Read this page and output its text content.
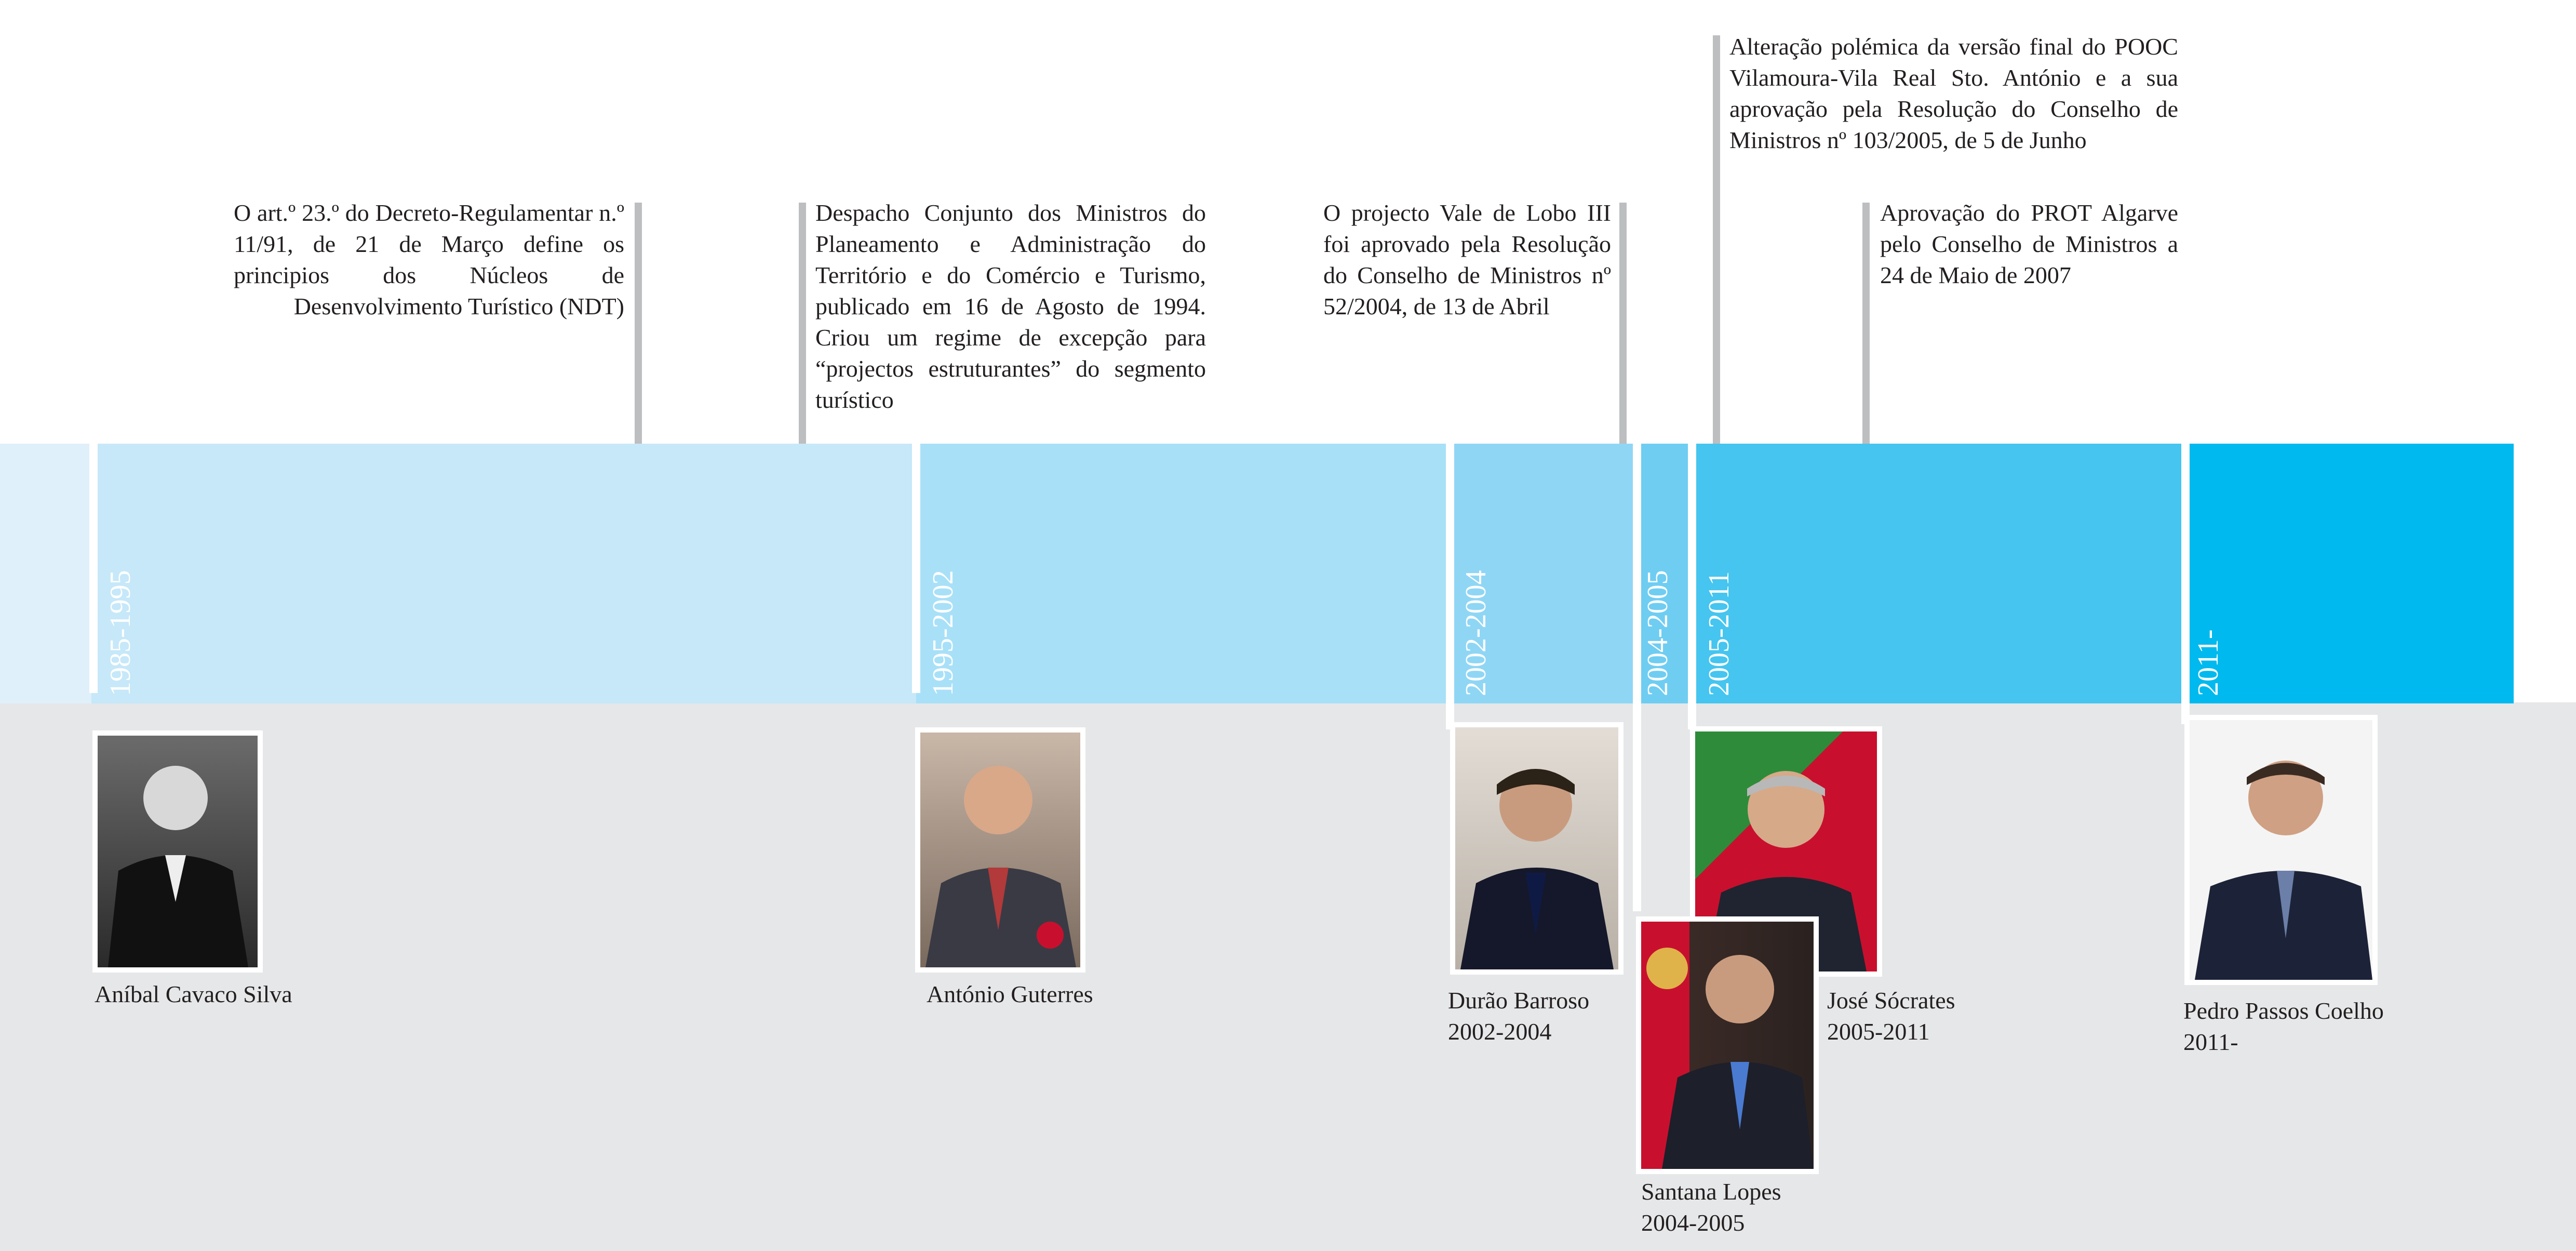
1985-1995	1995-2002	2002-2004	2004-2005 2005-2011	2011-
O art.º 23.º do Decreto-Regulamentar n.º 11/91, de 21 de Março define os principios dos Núcleos de Desenvolvimento Turístico (NDT)
Despacho Conjunto dos Ministros do Planeamento e Administração do Território e do Comércio e Turismo, publicado em 16 de Agosto de 1994. Criou um regime de excepção para “projectos estruturantes” do segmento turístico
O projecto Vale de Lobo III foi aprovado pela Resolução do Conselho de Ministros nº 52/2004, de 13 de Abril
Alteração polémica da versão final do POOC Vilamoura-Vila Real Sto. António e a sua aprovação pela Resolução do Conselho de Ministros nº 103/2005, de 5 de Junho
Aprovação do PROT Algarve pelo Conselho de Ministros a 24 de Maio de 2007
Aníbal Cavaco Silva	António Guterres	Durão Barroso
2002-2004
José Sócrates
2005-2011
Santana Lopes
2004-2005
Pedro Passos Coelho
2011-
